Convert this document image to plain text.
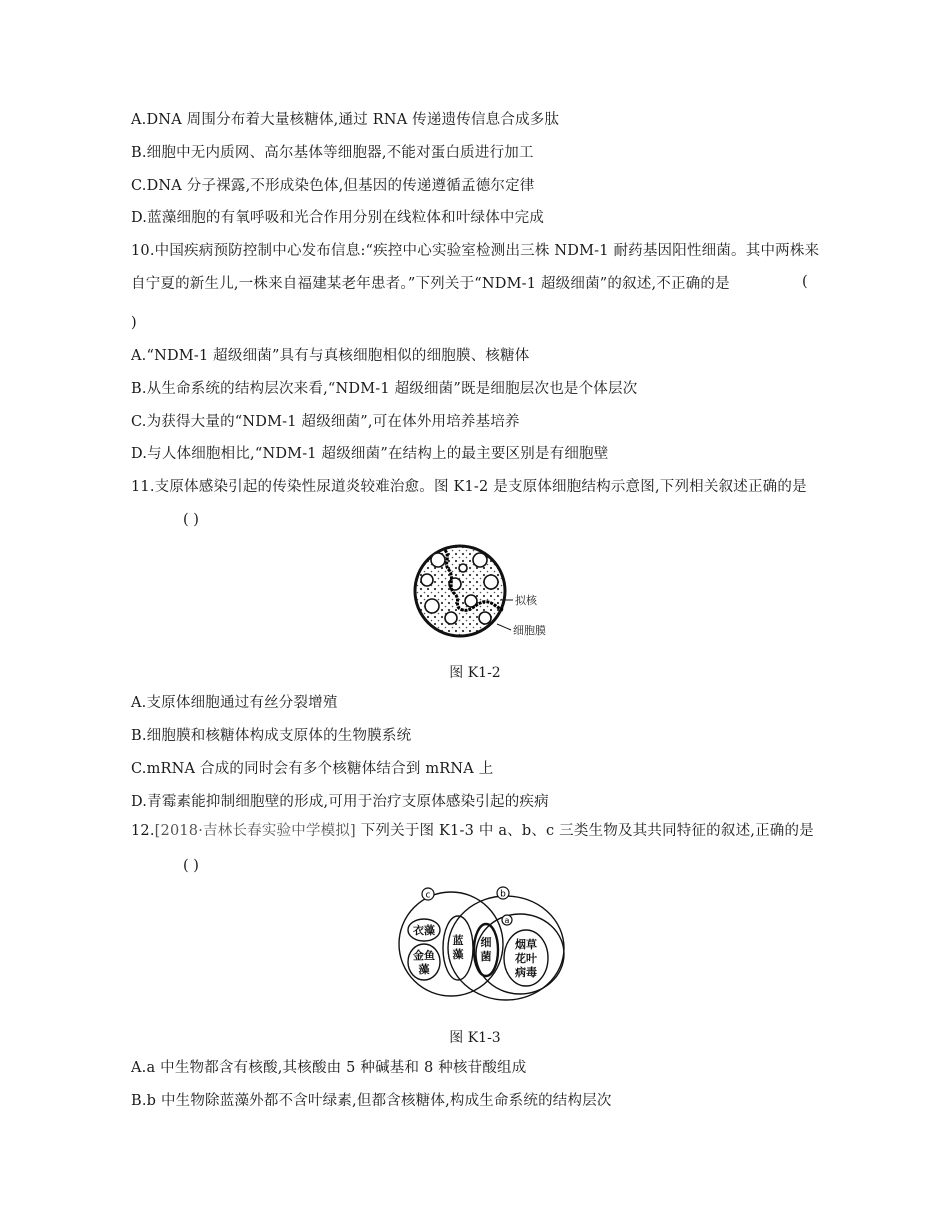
A.DNA 周围分布着大量核糖体,通过 RNA 传递遗传信息合成多肽
B.细胞中无内质网、高尔基体等细胞器,不能对蛋白质进行加工
C.DNA 分子裸露,不形成染色体,但基因的传递遵循孟德尔定律
D.蓝藻细胞的有氧呼吸和光合作用分别在线粒体和叶绿体中完成
10.中国疾病预防控制中心发布信息:“疾控中心实验室检测出三株 NDM-1 耐药基因阳性细菌。其中两株来
自宁夏的新生儿,一株来自福建某老年患者。”下列关于“NDM-1 超级细菌”的叙述,不正确的是	(
)
A.“NDM-1 超级细菌”具有与真核细胞相似的细胞膜、核糖体
B.从生命系统的结构层次来看,“NDM-1 超级细菌”既是细胞层次也是个体层次
C.为获得大量的“NDM-1 超级细菌”,可在体外用培养基培养
D.与人体细胞相比,“NDM-1 超级细菌”在结构上的最主要区别是有细胞壁
11.支原体感染引起的传染性尿道炎较难治愈。图 K1-2 是支原体细胞结构示意图,下列相关叙述正确的是
( )
拟核
细胞膜
图 K1-2
A.支原体细胞通过有丝分裂增殖
B.细胞膜和核糖体构成支原体的生物膜系统
C.mRNA 合成的同时会有多个核糖体结合到 mRNA 上
D.青霉素能抑制细胞壁的形成,可用于治疗支原体感染引起的疾病
12.[2018·吉林长春实验中学模拟] 下列关于图 K1-3 中 a、b、c 三类生物及其共同特征的叙述,正确的是
( )
c	b
a
衣藻
金鱼
藻
蓝
藻
细
菌
烟草
花叶
病毒
图 K1-3
A.a 中生物都含有核酸,其核酸由 5 种碱基和 8 种核苷酸组成
B.b 中生物除蓝藻外都不含叶绿素,但都含核糖体,构成生命系统的结构层次
